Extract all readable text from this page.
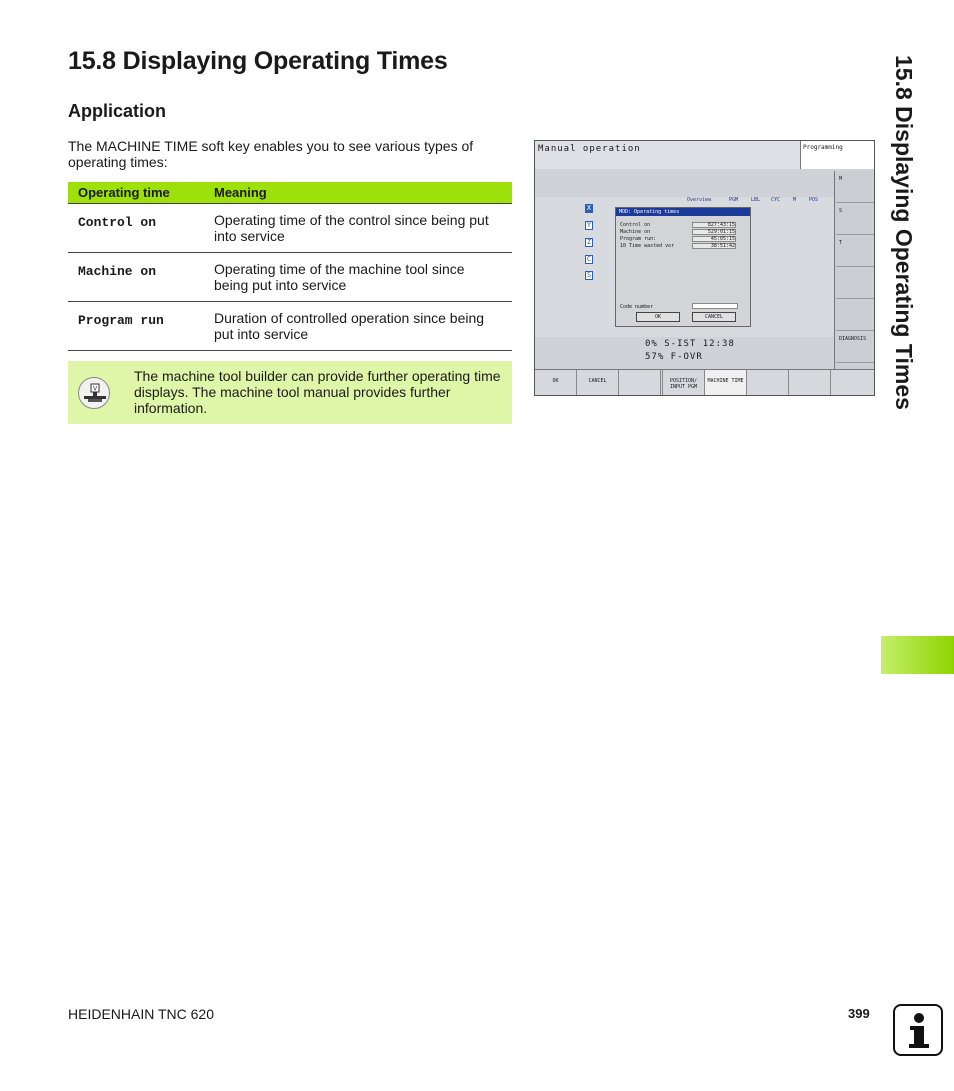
15.8 Displaying Operating Times
Application
The MACHINE TIME soft key enables you to see various types of operating times:
Operating time	Meaning
Control on	Operating time of the control since being put into service
Machine on	Operating time of the machine tool since being put into service
Program run	Duration of controlled operation since being put into service
V
The machine tool builder can provide further operating time displays. The machine tool manual provides further information.
Manual operation	Programming
X
Y
Z
C
S
Overview	PGM	LBL CYC	M	POS
MOD: Operating times
Control on	827:43:15
Machine on	529:01:15
Program run:	45:05:15
10 Time wasted vor	38:51:42
Code number
OK	CANCEL
0% S-IST 12:38
57% F-OVR
M
S
T
DIAGNOSIS
OK	CANCEL	POSITION/ INPUT PGM
MACHINE TIME	15.8 Displaying Operating Times
HEIDENHAIN TNC 620	399
